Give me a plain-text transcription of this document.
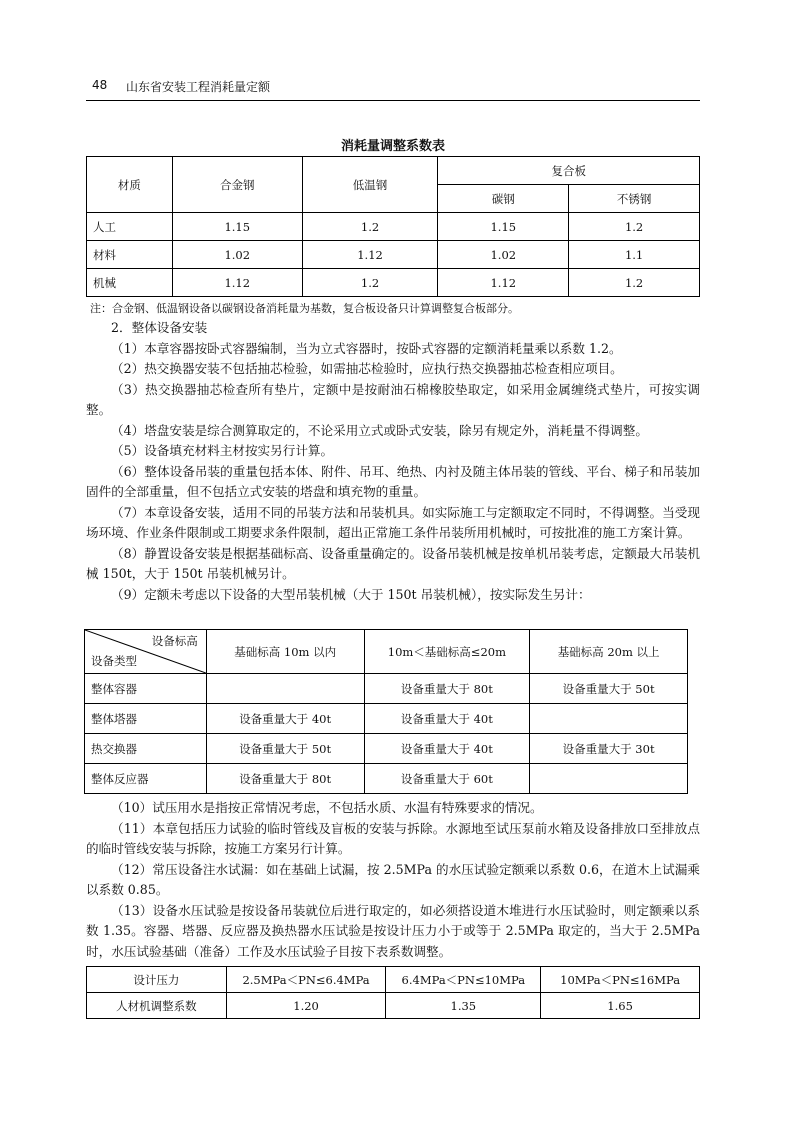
48 山东省安装工程消耗量定额
消耗量调整系数表
材质	合金钢	低温钢	复合板	
			碳钢	不锈钢
人工	1.15	1.2	1.15	1.2
材料	1.02	1.12	1.02	1.1
机械	1.12	1.2	1.12	1.2
注：合金钢、低温钢设备以碳钢设备消耗量为基数，复合板设备只计算调整复合板部分。

2．整体设备安装

（1）本章容器按卧式容器编制，当为立式容器时，按卧式容器的定额消耗量乘以系数 1.2。

（2）热交换器安装不包括抽芯检验，如需抽芯检验时，应执行热交换器抽芯检查相应项目。

（3）热交换器抽芯检查所有垫片，定额中是按耐油石棉橡胶垫取定，如采用金属缠绕式垫片，可按实调整。

（4）塔盘安装是综合测算取定的，不论采用立式或卧式安装，除另有规定外，消耗量不得调整。

（5）设备填充材料主材按实另行计算。

（6）整体设备吊装的重量包括本体、附件、吊耳、绝热、内衬及随主体吊装的管线、平台、梯子和吊装加固件的全部重量，但不包括立式安装的塔盘和填充物的重量。

（7）本章设备安装，适用不同的吊装方法和吊装机具。如实际施工与定额取定不同时，不得调整。当受现场环境、作业条件限制或工期要求条件限制，超出正常施工条件吊装所用机械时，可按批准的施工方案计算。

（8）静置设备安装是根据基础标高、设备重量确定的。设备吊装机械是按单机吊装考虑，定额最大吊装机械 150t，大于 150t 吊装机械另计。

（9）定额未考虑以下设备的大型吊装机械（大于 150t 吊装机械），按实际发生另计：

设备标高
设备类型	基础标高 10m 以内	10m＜基础标高≤20m	基础标高 20m 以上
整体容器		设备重量大于 80t	设备重量大于 50t
整体塔器	设备重量大于 40t	设备重量大于 40t	
热交换器	设备重量大于 50t	设备重量大于 40t	设备重量大于 30t
整体反应器	设备重量大于 80t	设备重量大于 60t	

（10）试压用水是指按正常情况考虑，不包括水质、水温有特殊要求的情况。

（11）本章包括压力试验的临时管线及盲板的安装与拆除。水源地至试压泵前水箱及设备排放口至排放点的临时管线安装与拆除，按施工方案另行计算。

（12）常压设备注水试漏：如在基础上试漏，按 2.5MPa 的水压试验定额乘以系数 0.6，在道木上试漏乘以系数 0.85。

（13）设备水压试验是按设备吊装就位后进行取定的，如必须搭设道木堆进行水压试验时，则定额乘以系数 1.35。容器、塔器、反应器及换热器水压试验是按设计压力小于或等于 2.5MPa 取定的，当大于 2.5MPa 时，水压试验基础（准备）工作及水压试验子目按下表系数调整。

设计压力	2.5MPa＜PN≤6.4MPa	6.4MPa＜PN≤10MPa	10MPa＜PN≤16MPa
人材机调整系数	1.20	1.35	1.65
